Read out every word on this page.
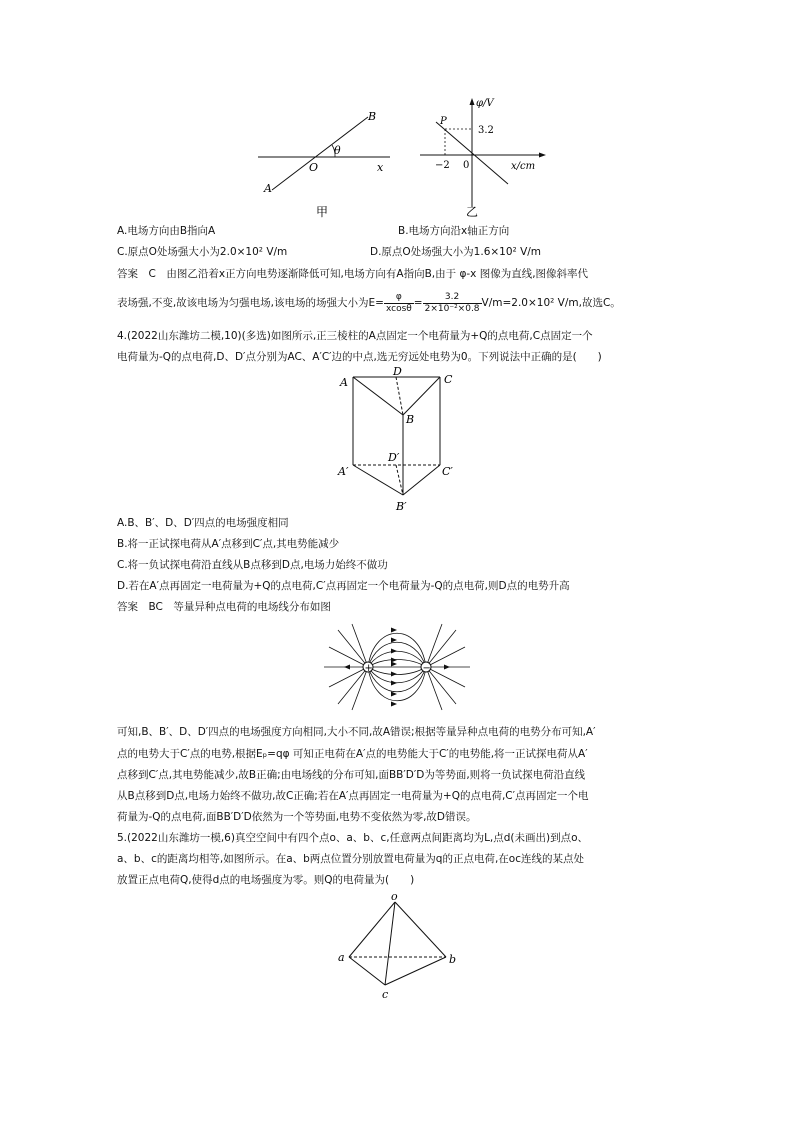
B
A
O	x
θ
甲
φ/V
x/cm
P
3.2
−2 0
乙
A.电场方向由B指向A	B.电场方向沿x轴正方向
C.原点O处场强大小为2.0×10² V/m	D.原点O处场强大小为1.6×10² V/m
答案　C　由图乙沿着x正方向电势逐渐降低可知,电场方向有A指向B,由于 φ-x 图像为直线,图像斜率代
表场强,不变,故该电场为匀强电场,该电场的场强大小为$E= \frac{\varphi}{xcos\theta} = \frac{3.2}{\text{2×10⁻²×0.8}} V/m=2.0\times 10^2$ V/m,故选C。
4.(2022山东潍坊二模,10)(多选)如图所示,正三棱柱的A点固定一个电荷量为+Q的点电荷,C点固定一个
电荷量为-Q的点电荷,D、D′点分别为AC、A′C′边的中点,选无穷远处电势为0。下列说法中正确的是(　　)
A
D
C
B
A′
D′
C′
B′
A.B、B′、D、D′四点的电场强度相同
B.将一正试探电荷从A′点移到C′点,其电势能减少
C.将一负试探电荷沿直线从B点移到D点,电场力始终不做功
D.若在A′点再固定一电荷量为+Q的点电荷,C′点再固定一个电荷量为-Q的点电荷,则D点的电势升高
答案　BC　等量异种点电荷的电场线分布如图
+	−
可知,B、B′、D、D′四点的电场强度方向相同,大小不同,故A错误;根据等量异种点电荷的电势分布可知,A′
点的电势大于C′点的电势,根据Eₚ=qφ 可知正电荷在A′点的电势能大于C′的电势能,将一正试探电荷从A′
点移到C′点,其电势能减少,故B正确;由电场线的分布可知,面BB′D′D为等势面,则将一负试探电荷沿直线
从B点移到D点,电场力始终不做功,故C正确;若在A′点再固定一电荷量为+Q的点电荷,C′点再固定一个电
荷量为-Q的点电荷,面BB′D′D依然为一个等势面,电势不变依然为零,故D错误。
5.(2022山东潍坊一模,6)真空空间中有四个点o、a、b、c,任意两点间距离均为L,点d(未画出)到点o、
a、b、c的距离均相等,如图所示。在a、b两点位置分别放置电荷量为q的正点电荷,在oc连线的某点处
放置正点电荷Q,使得d点的电场强度为零。则Q的电荷量为(　　)
o
a	b
c
